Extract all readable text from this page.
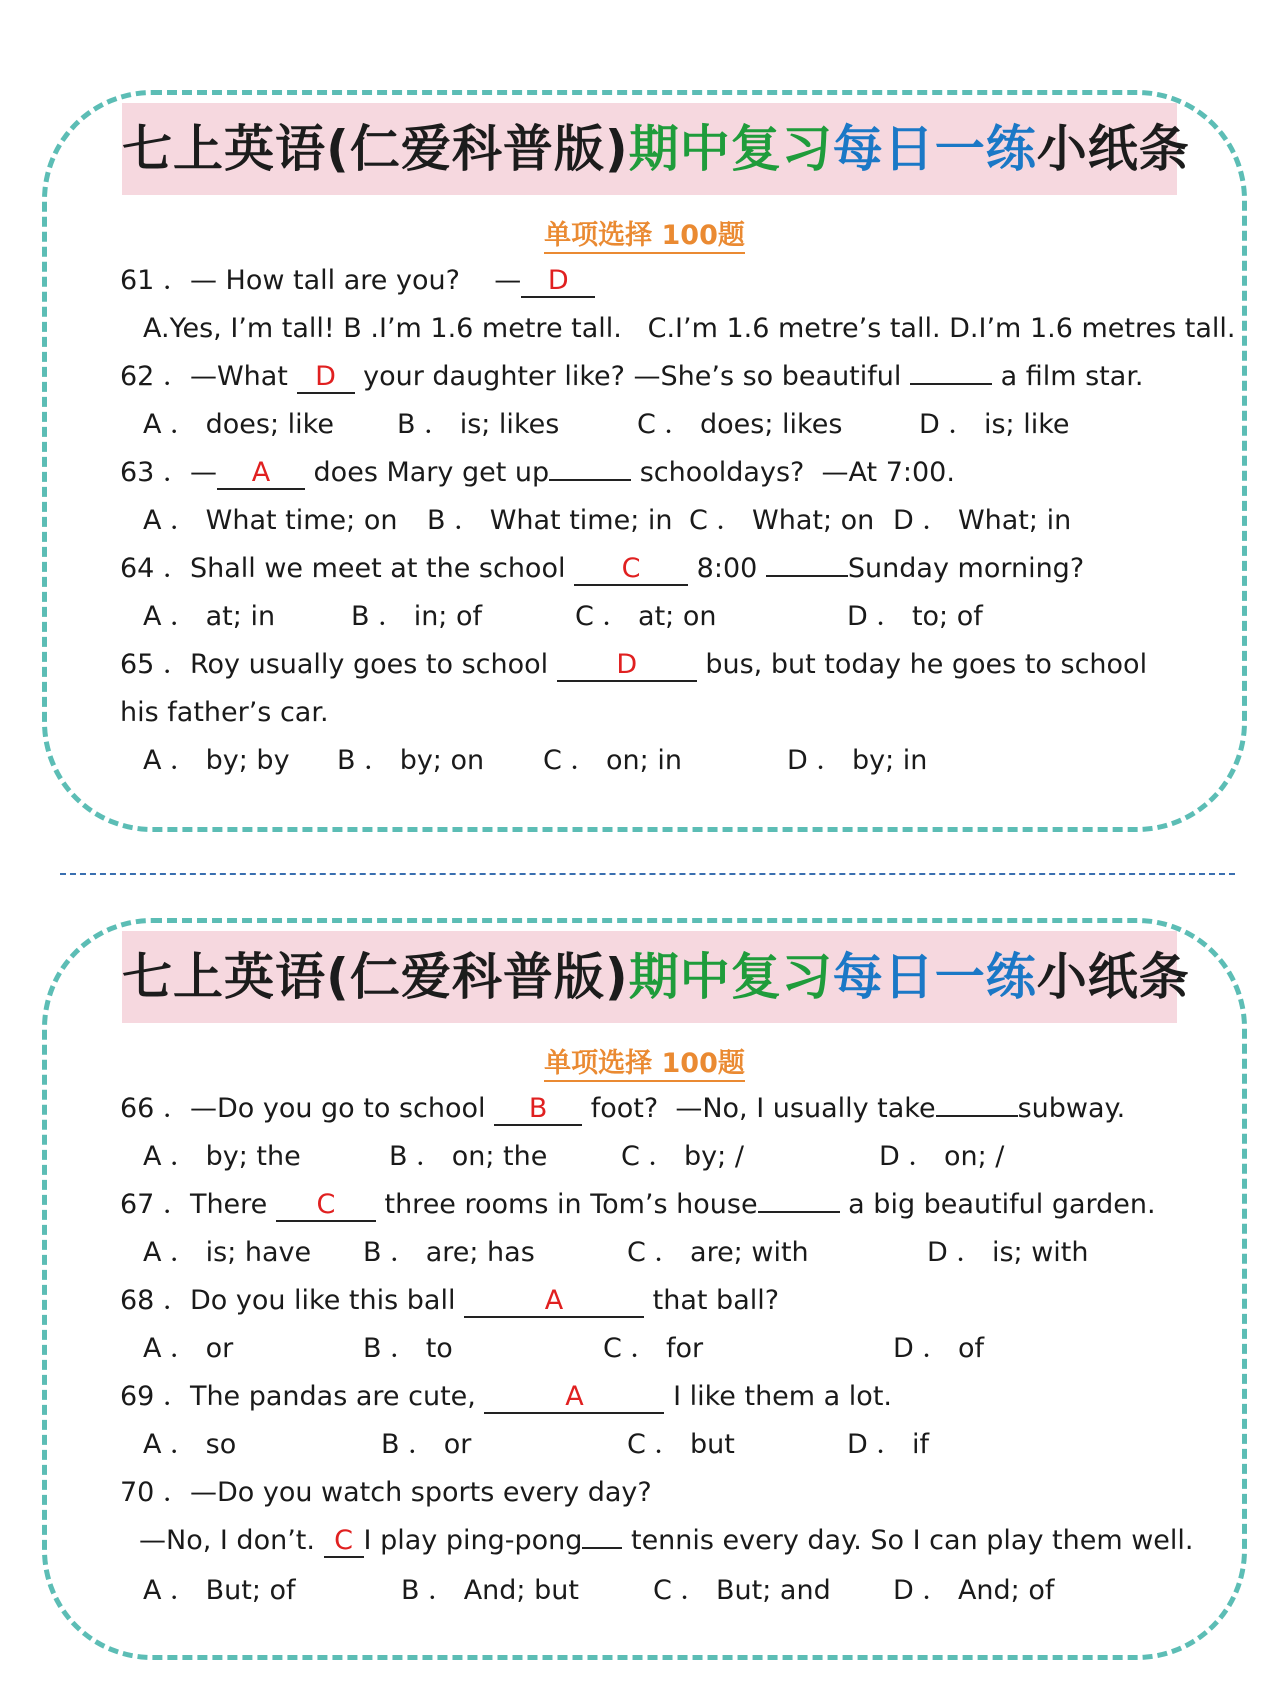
七上英语(仁爱科普版)期中复习每日一练小纸条
单项选择 100题
61 ．— How tall are you?    — D
A.Yes, I’m tall! B .I’m 1.6 metre tall.   C.I’m 1.6 metre’s tall. D.I’m 1.6 metres tall.
62 ．—What D your daughter like? —She’s so beautiful	a film star.
A ． does; like B ． is; likes	C ． does; likes	D ． is; like
63 ．— A does Mary get up	schooldays?  —At 7:00.
A ． What time; on B ． What time; in C ． What; on D ． What; in
64 ．Shall we meet at the school C 8:00	Sunday morning?
A ． at; in	B ． in; of	C ． at; on	D ． to; of
65 ．Roy usually goes to school	D	bus, but today he goes to school
his father’s car.
A ． by; by B ． by; on C ． on; in	D ． by; in
七上英语(仁爱科普版)期中复习每日一练小纸条
单项选择 100题
66 ．—Do you go to school B foot?  —No, I usually take	subway.
A ． by; the	B ． on; the	C ． by; /	D ． on; /
67 ．There C three rooms in Tom’s house	a big beautiful garden.
A ． is; have B ． are; has	C ． are; with	D ． is; with
68 ．Do you like this ball	A	that ball?
A ． or	B ． to	C ． for	D ． of
69 ．The pandas are cute,	A	I like them a lot.
A ． so	B ． or	C ． but	D ． if
70 ．—Do you watch sports every day?
—No, I don’t. C I play ping-pong tennis every day. So I can play them well.
A ． But; of	B ． And; but	C ． But; and D ． And; of
